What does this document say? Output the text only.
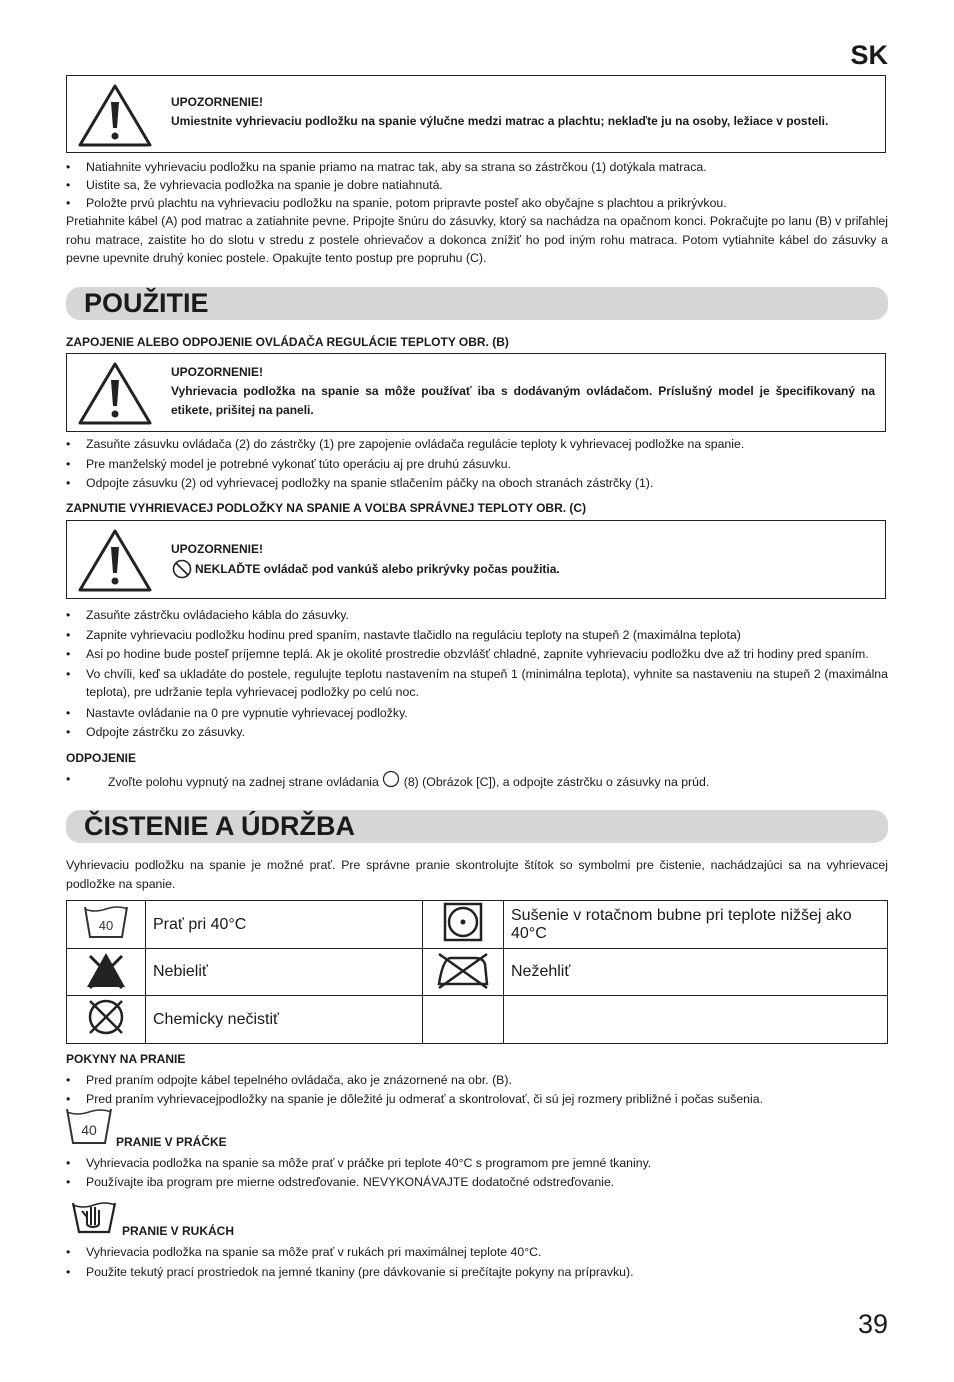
SK
UPOZORNENIE!
Umiestnite vyhrievaciu podložku na spanie výlučne medzi matrac a plachtu; neklaďte ju na osoby, ležiace v posteli.
• Natiahnite vyhrievaciu podložku na spanie priamo na matrac tak, aby sa strana so zástrčkou (1) dotýkala matraca.
• Uistite sa, že vyhrievacia podložka na spanie je dobre natiahnutá.
• Položte prvú plachtu na vyhrievaciu podložku na spanie, potom pripravte posteľ ako obyčajne s plachtou a prikrývkou.
Pretiahnite kábel (A) pod matrac a zatiahnite pevne. Pripojte šnúru do zásuvky, ktorý sa nachádza na opačnom konci. Pokračujte po lanu (B) v priľahlej rohu matrace, zaistite ho do slotu v stredu z postele ohrievačov a dokonca znížiť ho pod iným rohu matraca. Potom vytiahnite kábel do zásuvky a pevne upevnite druhý koniec postele. Opakujte tento postup pre popruhu (C).
POUŽITIE
ZAPOJENIE ALEBO ODPOJENIE OVLÁDAČA REGULÁCIE TEPLOTY OBR. (B)
UPOZORNENIE!
Vyhrievacia podložka na spanie sa môže používať iba s dodávaným ovládačom. Príslušný model je špecifikovaný na etikete, prišitej na paneli.
• Zasuňte zásuvku ovládača (2) do zástrčky (1) pre zapojenie ovládača regulácie teploty k vyhrievacej podložke na spanie.
• Pre manželský model je potrebné vykonať túto operáciu aj pre druhú zásuvku.
• Odpojte zásuvku (2) od vyhrievacej podložky na spanie stlačením páčky na oboch stranách zástrčky (1).
ZAPNUTIE VYHRIEVACEJ PODLOŽKY NA SPANIE A VOĽBA SPRÁVNEJ TEPLOTY OBR. (C)
UPOZORNENIE!
NEKLAĎTE ovládač pod vankúš alebo prikrývky počas použitia.
• Zasuňte zástrčku ovládacieho kábla do zásuvky.
• Zapnite vyhrievaciu podložku hodinu pred spaním, nastavte tlačidlo na reguláciu teploty na stupeň 2 (maximálna teplota)
• Asi po hodine bude posteľ príjemne teplá. Ak je okolité prostredie obzvlášť chladné, zapnite vyhrievaciu podložku dve až tri hodiny pred spaním.
• Vo chvíli, keď sa ukladáte do postele, regulujte teplotu nastavením na stupeň 1 (minimálna teplota), vyhnite sa nastaveniu na stupeň 2 (maximálna teplota), pre udržanie tepla vyhrievacej podložky po celú noc.
• Nastavte ovládanie na 0 pre vypnutie vyhrievacej podložky.
• Odpojte zástrčku zo zásuvky.
ODPOJENIE
•	Zvoľte polohu vypnutý na zadnej strane ovládania (8) (Obrázok [C]), a odpojte zástrčku o zásuvky na prúd.
ČISTENIE A ÚDRŽBA
Vyhrievaciu podložku na spanie je možné prať. Pre správne pranie skontrolujte štítok so symbolmi pre čistenie, nachádzajúci sa na vyhrievacej podložke na spanie.
40	Prať pri 40°C		Sušenie v rotačnom bubne pri teplote nižšej ako 40°C
	Nebieliť		Nežehliť
	Chemicky nečistiť		
POKYNY NA PRANIE
• Pred praním odpojte kábel tepelného ovládača, ako je znázornené na obr. (B).
• Pred praním vyhrievacejpodložky na spanie je dôležité ju odmerať a skontrolovať, či sú jej rozmery približné i počas sušenia.
40
PRANIE V PRÁČKE
• Vyhrievacia podložka na spanie sa môže prať v práčke pri teplote 40°C s programom pre jemné tkaniny.
• Používajte iba program pre mierne odstreďovanie. NEVYKONÁVAJTE dodatočné odstreďovanie.
PRANIE V RUKÁCH
• Vyhrievacia podložka na spanie sa môže prať v rukách pri maximálnej teplote 40°C.
• Použite tekutý prací prostriedok na jemné tkaniny (pre dávkovanie si prečítajte pokyny na prípravku).
39
